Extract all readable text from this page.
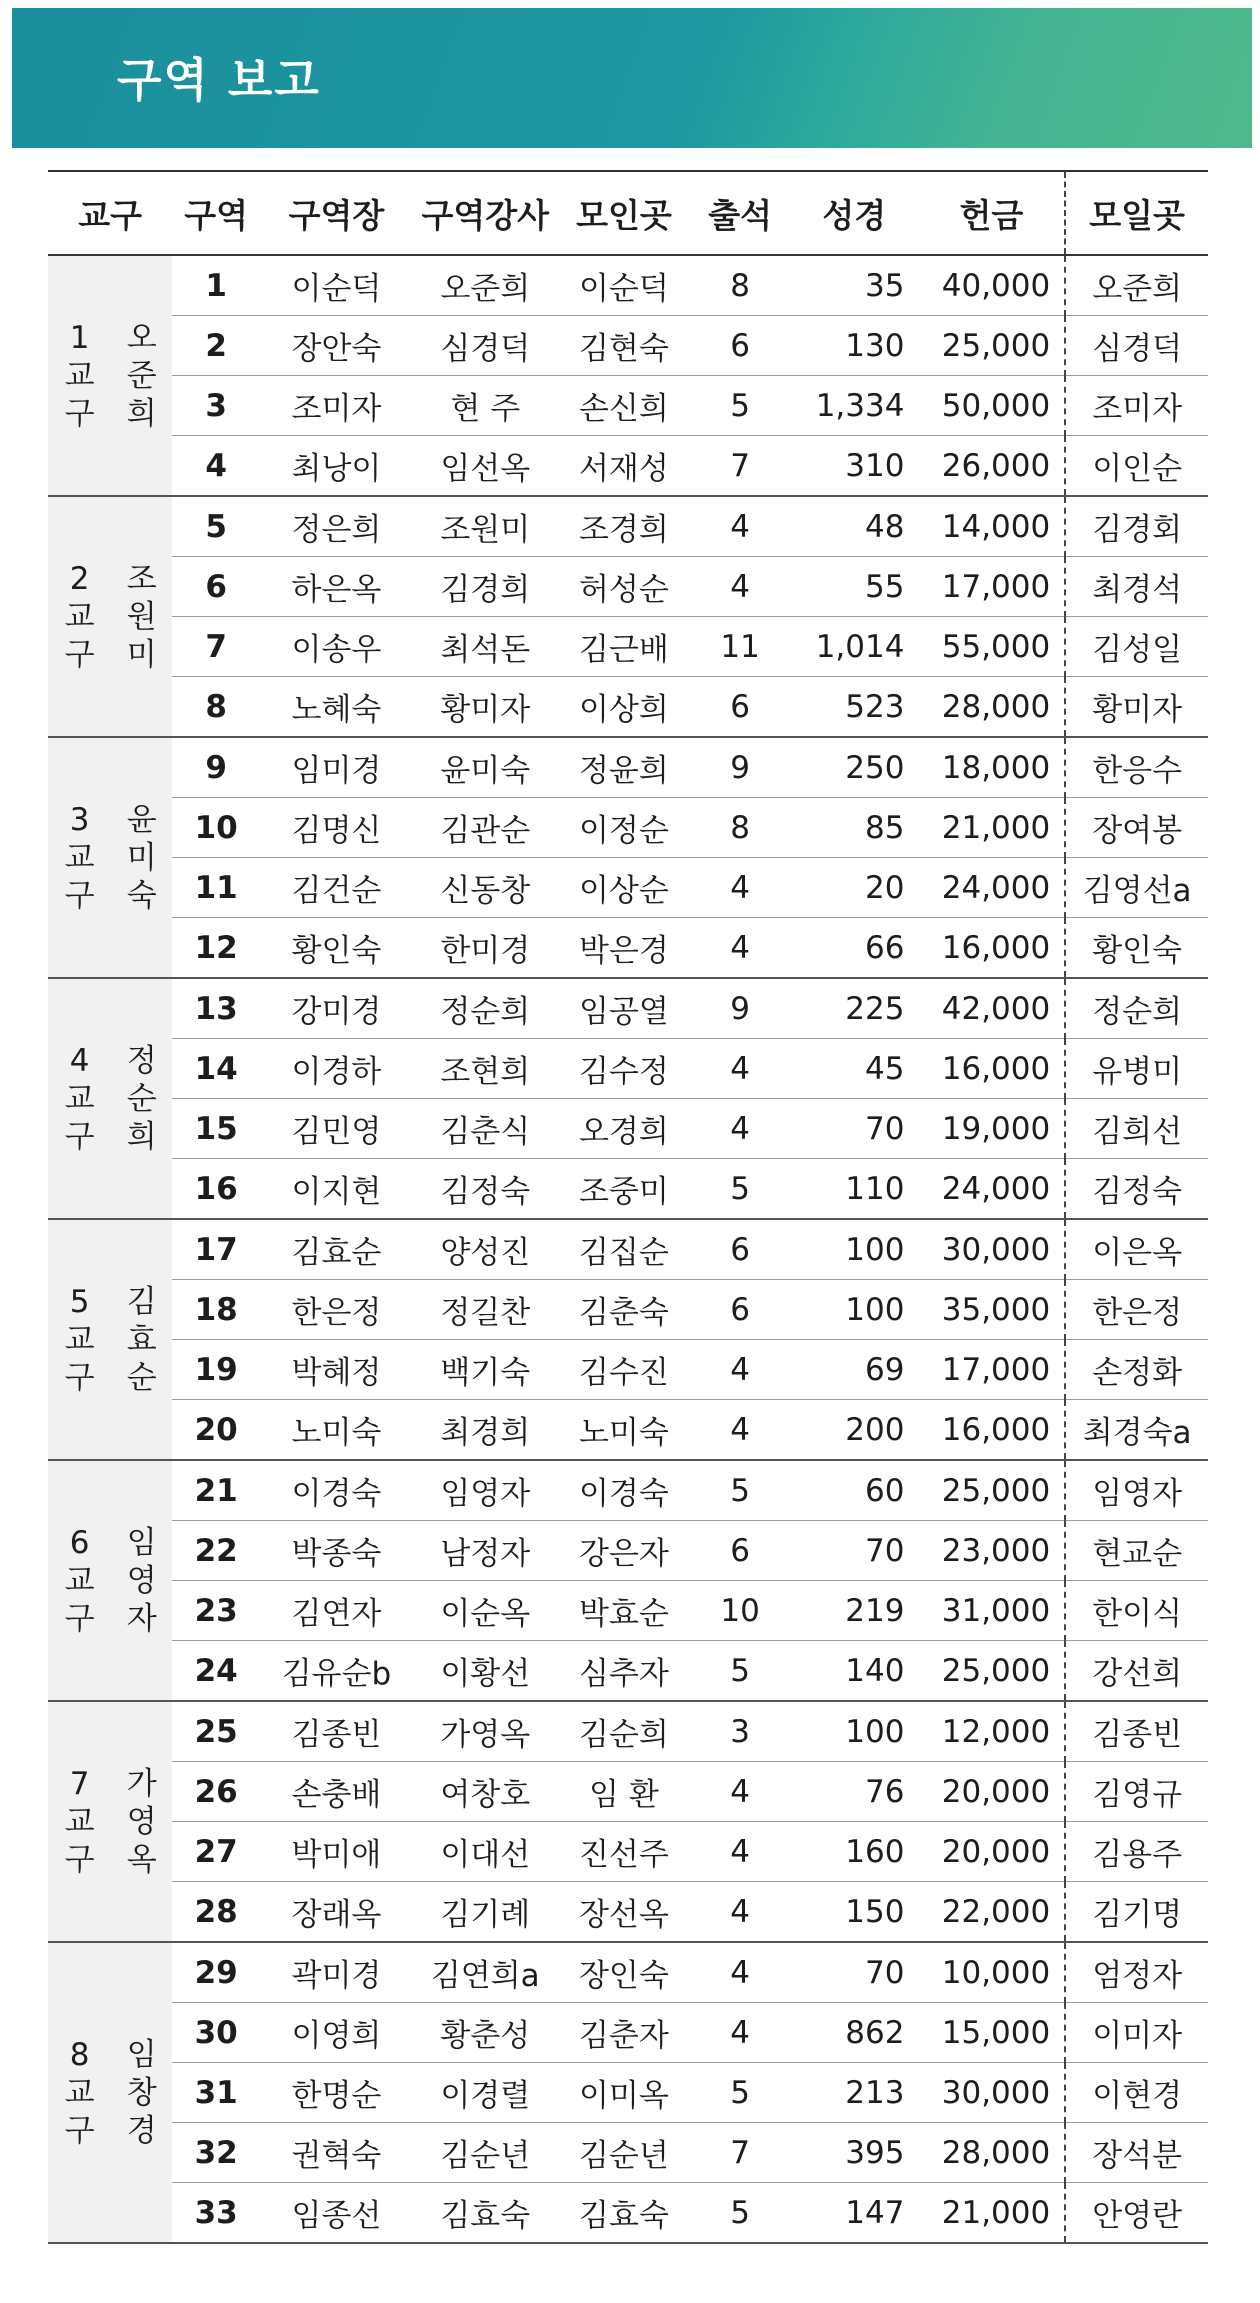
구역 보고
교구		구역	구역장	구역강사	모인곳	출석	성경	헌금	모일곳

1
교
구	오
준
희	1	이순덕	오준희	이순덕	8	35	40,000	오준희
		2	장안숙	심경덕	김현숙	6	130	25,000	심경덕
		3	조미자	현 주	손신희	5	1,334	50,000	조미자
		4	최낭이	임선옥	서재성	7	310	26,000	이인순

2
교
구	조
원
미	5	정은희	조원미	조경희	4	48	14,000	김경회
		6	하은옥	김경희	허성순	4	55	17,000	최경석
		7	이송우	최석돈	김근배	11	1,014	55,000	김성일
		8	노혜숙	황미자	이상희	6	523	28,000	황미자

3
교
구	윤
미
숙	9	임미경	윤미숙	정윤희	9	250	18,000	한응수
		10	김명신	김관순	이정순	8	85	21,000	장여봉
		11	김건순	신동창	이상순	4	20	24,000	김영선a
		12	황인숙	한미경	박은경	4	66	16,000	황인숙

4
교
구	정
순
희	13	강미경	정순희	임공열	9	225	42,000	정순희
		14	이경하	조현희	김수정	4	45	16,000	유병미
		15	김민영	김춘식	오경희	4	70	19,000	김희선
		16	이지현	김정숙	조중미	5	110	24,000	김정숙

5
교
구	김
효
순	17	김효순	양성진	김집순	6	100	30,000	이은옥
		18	한은정	정길찬	김춘숙	6	100	35,000	한은정
		19	박혜정	백기숙	김수진	4	69	17,000	손정화
		20	노미숙	최경희	노미숙	4	200	16,000	최경숙a

6
교
구	임
영
자	21	이경숙	임영자	이경숙	5	60	25,000	임영자
		22	박종숙	남정자	강은자	6	70	23,000	현교순
		23	김연자	이순옥	박효순	10	219	31,000	한이식
		24	김유순b	이황선	심추자	5	140	25,000	강선희

7
교
구	가
영
옥	25	김종빈	가영옥	김순희	3	100	12,000	김종빈
		26	손충배	여창호	임 환	4	76	20,000	김영규
		27	박미애	이대선	진선주	4	160	20,000	김용주
		28	장래옥	김기례	장선옥	4	150	22,000	김기명

8
교
구	임
창
경	29	곽미경	김연희a	장인숙	4	70	10,000	엄정자
		30	이영희	황춘성	김춘자	4	862	15,000	이미자
		31	한명순	이경렬	이미옥	5	213	30,000	이현경
		32	권혁숙	김순년	김순년	7	395	28,000	장석분
		33	임종선	김효숙	김효숙	5	147	21,000	안영란
